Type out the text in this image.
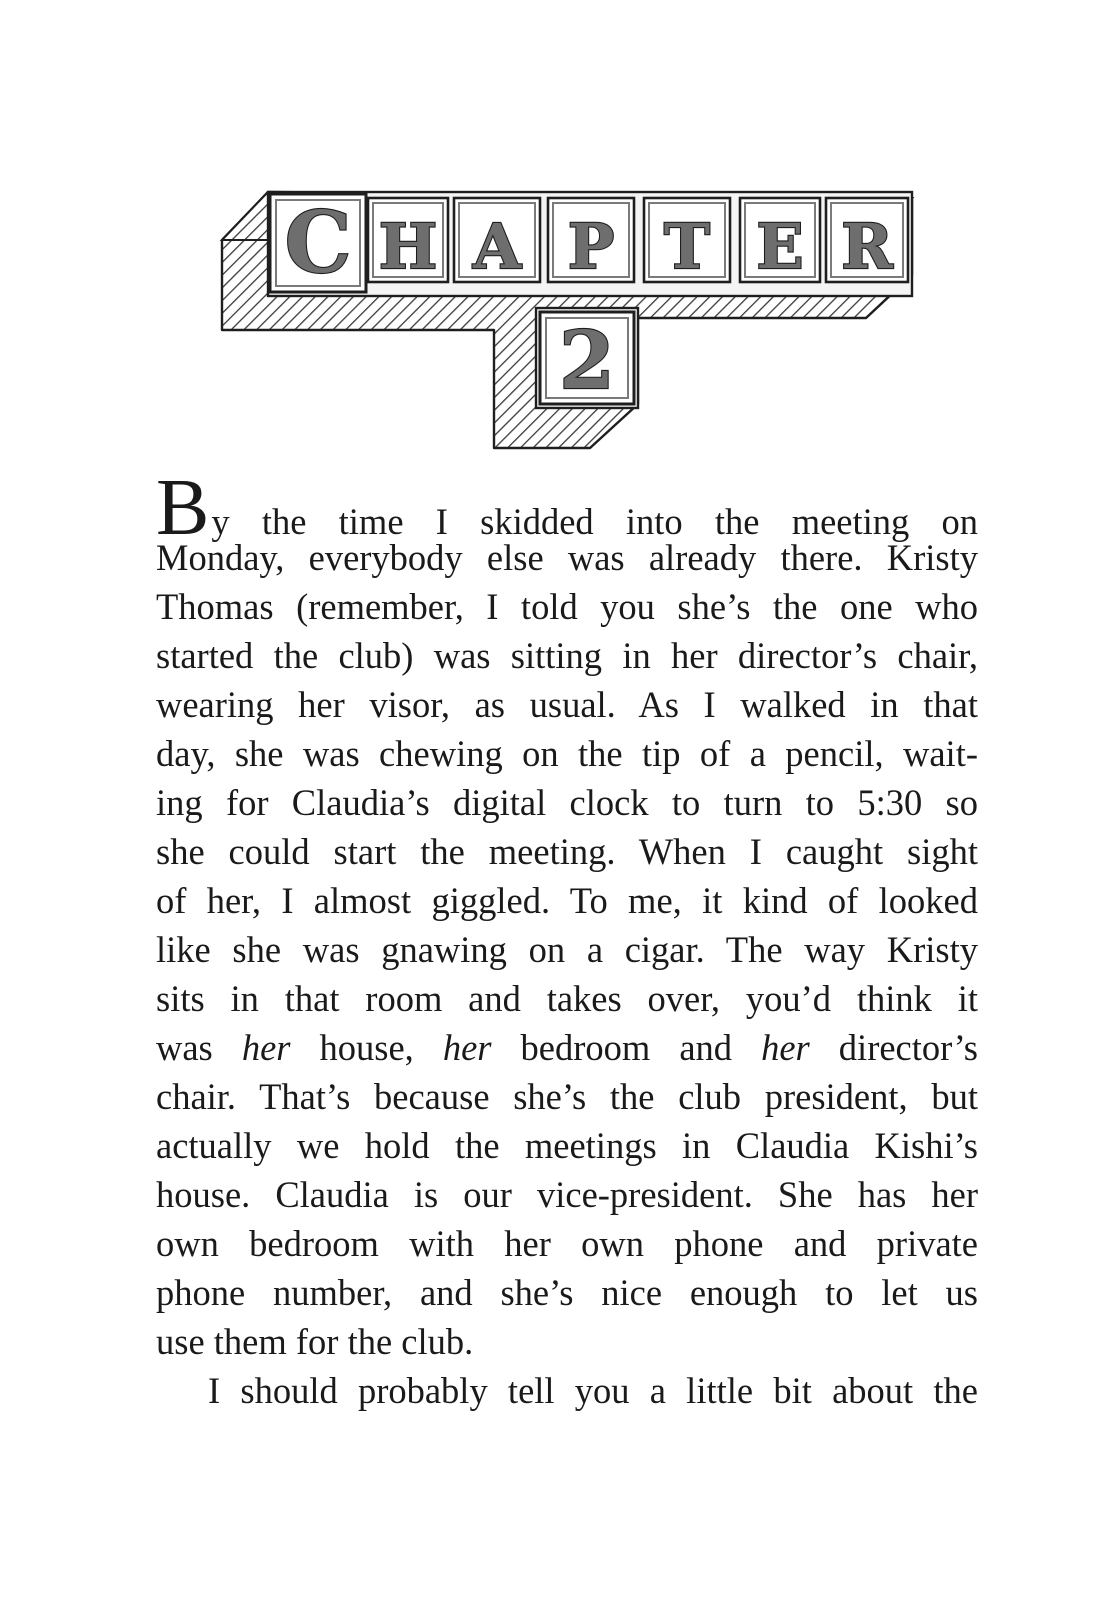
C H A P T E R
2
By the time I skidded into the meeting on
Monday, everybody else was already there. Kristy
Thomas (remember, I told you she’s the one who
started the club) was sitting in her director’s chair,
wearing her visor, as usual. As I walked in that
day, she was chewing on the tip of a pencil, wait-
ing for Claudia’s digital clock to turn to 5:30 so
she could start the meeting. When I caught sight
of her, I almost giggled. To me, it kind of looked
like she was gnawing on a cigar. The way Kristy
sits in that room and takes over, you’d think it
was her house, her bedroom and her director’s
chair. That’s because she’s the club president, but
actually we hold the meetings in Claudia Kishi’s
house. Claudia is our vice-president. She has her
own bedroom with her own phone and private
phone number, and she’s nice enough to let us
use them for the club.
I should probably tell you a little bit about the
